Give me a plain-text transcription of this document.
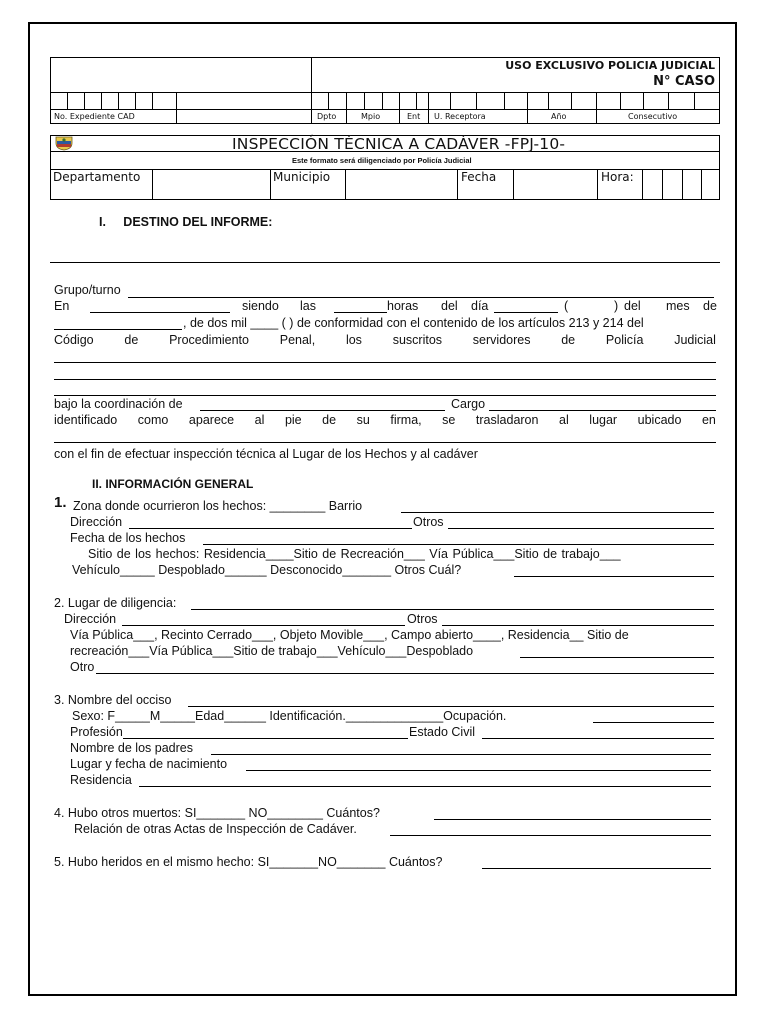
USO EXCLUSIVO POLICIA JUDICIAL
N° CASO
No. Expediente CAD	Dpto	Mpio	Ent U. Receptora	Año	Consecutivo
INSPECCIÓN TÉCNICA A CADÁVER -FPJ-10-
Este formato será diligenciado por Policía Judicial
Departamento	Municipio	Fecha	Hora:
I.     DESTINO DEL INFORME:
Grupo/turno
En	siendo las	horas del día	(	) del mes de
, de dos mil ____ ( ) de conformidad con el contenido de los artículos 213 y 214 del
Código de Procedimiento Penal, los suscritos servidores de Policía Judicial
bajo la coordinación de	Cargo
identificado como aparece al pie de su firma, se trasladaron al lugar ubicado en
con el fin de efectuar inspección técnica al Lugar de los Hechos y al cadáver
II. INFORMACIÓN GENERAL
1. Zona donde ocurrieron los hechos: ________ Barrio
Dirección	Otros
Fecha de los hechos
Sitio de los hechos: Residencia____Sitio de Recreación___ Vía Pública___Sitio de trabajo___
Vehículo_____ Despoblado______ Desconocido_______ Otros Cuál?
2. Lugar de diligencia:
Dirección	Otros
Vía Pública___, Recinto Cerrado___, Objeto Movible___, Campo abierto____, Residencia__ Sitio de
recreación___Vía Pública___Sitio de trabajo___Vehículo___Despoblado
Otro
3. Nombre del occiso
Sexo: F_____M_____Edad______ Identificación.______________Ocupación.
Profesión	Estado Civil
Nombre de los padres
Lugar y fecha de nacimiento
Residencia
4. Hubo otros muertos: SI_______ NO________ Cuántos?
Relación de otras Actas de Inspección de Cadáver.
5. Hubo heridos en el mismo hecho: SI_______NO_______ Cuántos?
